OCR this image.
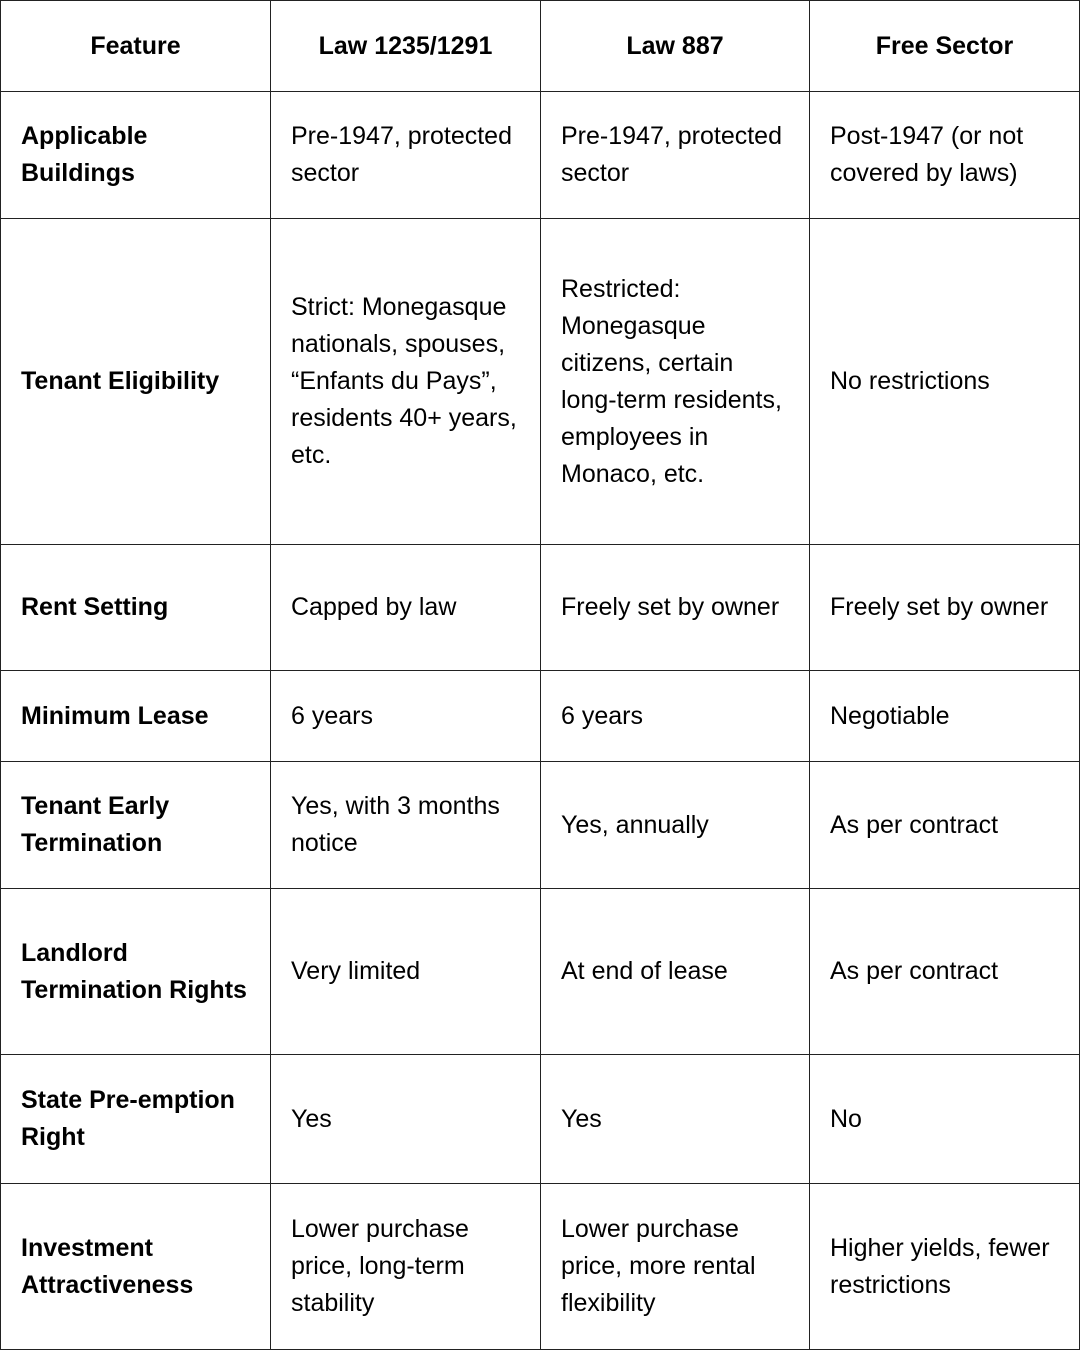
Feature	Law 1235/1291	Law 887	Free Sector
Applicable Buildings	Pre-1947, protected sector	Pre-1947, protected sector	Post-1947 (or not covered by laws)
Tenant Eligibility	Strict: Monegasque nationals, spouses, “Enfants du Pays”, residents 40+ years, etc.	Restricted: Monegasque citizens, certain long-term residents, employees in Monaco, etc.	No restrictions
Rent Setting	Capped by law	Freely set by owner	Freely set by owner
Minimum Lease	6 years	6 years	Negotiable
Tenant Early Termination	Yes, with 3 months notice	Yes, annually	As per contract
Landlord Termination Rights	Very limited	At end of lease	As per contract
State Pre-emption Right	Yes	Yes	No
Investment Attractiveness	Lower purchase price, long-term stability	Lower purchase price, more rental flexibility	Higher yields, fewer restrictions
